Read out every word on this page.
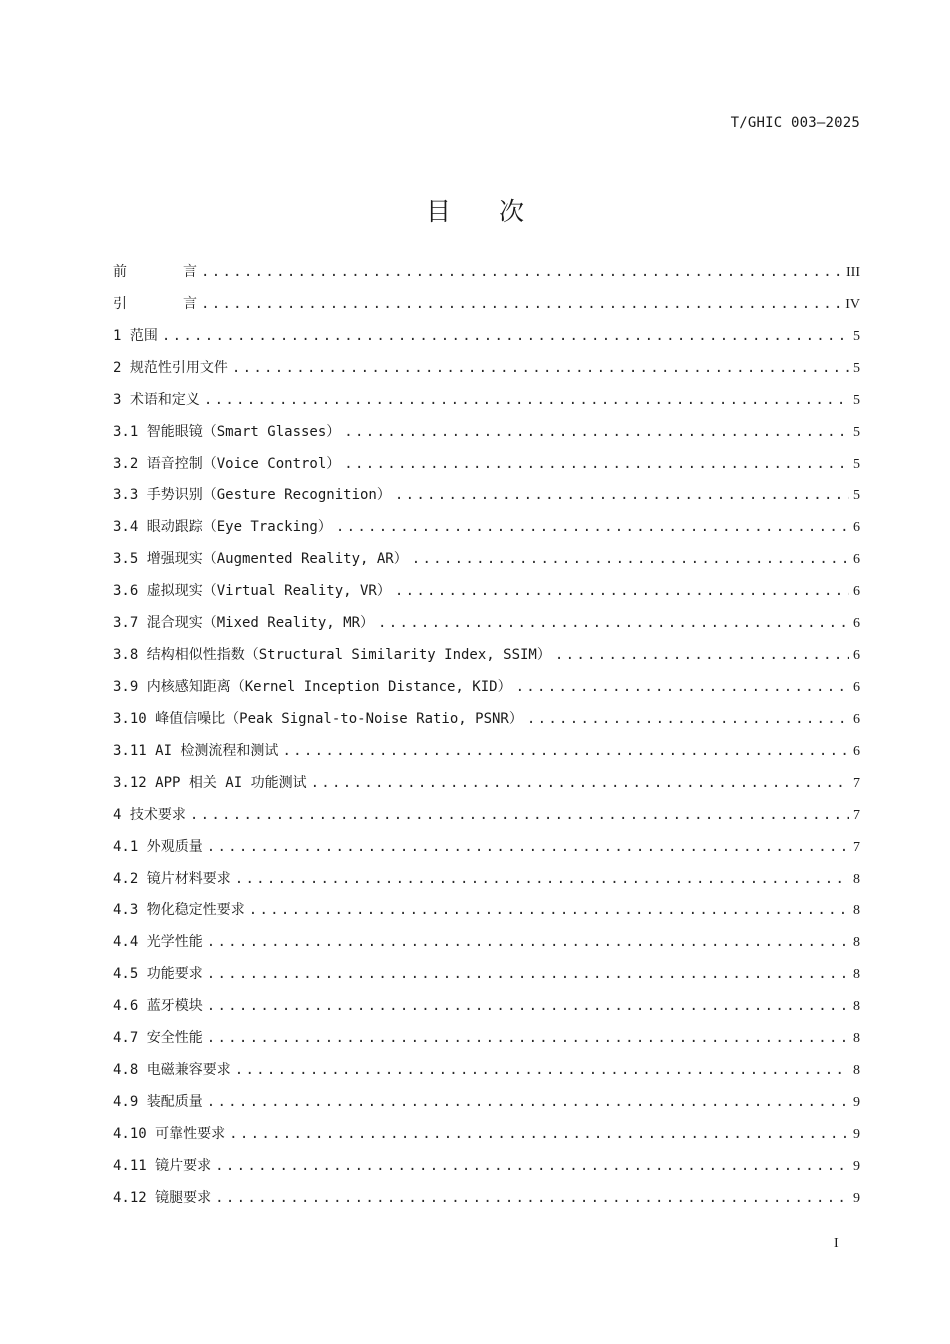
T/GHIC 003—2025
目 次
前	言 .....	III
引	言 .....	IV
1 范围 .....	5
2 规范性引用文件 .....	5
3 术语和定义 .....	5
3.1 智能眼镜（Smart Glasses） .....	5
3.2 语音控制（Voice Control） .....	5
3.3 手势识别（Gesture Recognition） .....	5
3.4 眼动跟踪（Eye Tracking） .....	6
3.5 增强现实（Augmented Reality, AR） .....	6
3.6 虚拟现实（Virtual Reality, VR） .....	6
3.7 混合现实（Mixed Reality, MR） .....	6
3.8 结构相似性指数（Structural Similarity Index, SSIM） .....	6
3.9 内核感知距离（Kernel Inception Distance, KID） .....	6
3.10 峰值信噪比（Peak Signal-to-Noise Ratio, PSNR） .....	6
3.11 AI 检测流程和测试 .....	6
3.12 APP 相关 AI 功能测试 .....	7
4 技术要求 .....	7
4.1 外观质量 .....	7
4.2 镜片材料要求 .....	8
4.3 物化稳定性要求 .....	8
4.4 光学性能 .....	8
4.5 功能要求 .....	8
4.6 蓝牙模块 .....	8
4.7 安全性能 .....	8
4.8 电磁兼容要求 .....	8
4.9 装配质量 .....	9
4.10 可靠性要求 .....	9
4.11 镜片要求 .....	9
4.12 镜腿要求 .....	9
I
